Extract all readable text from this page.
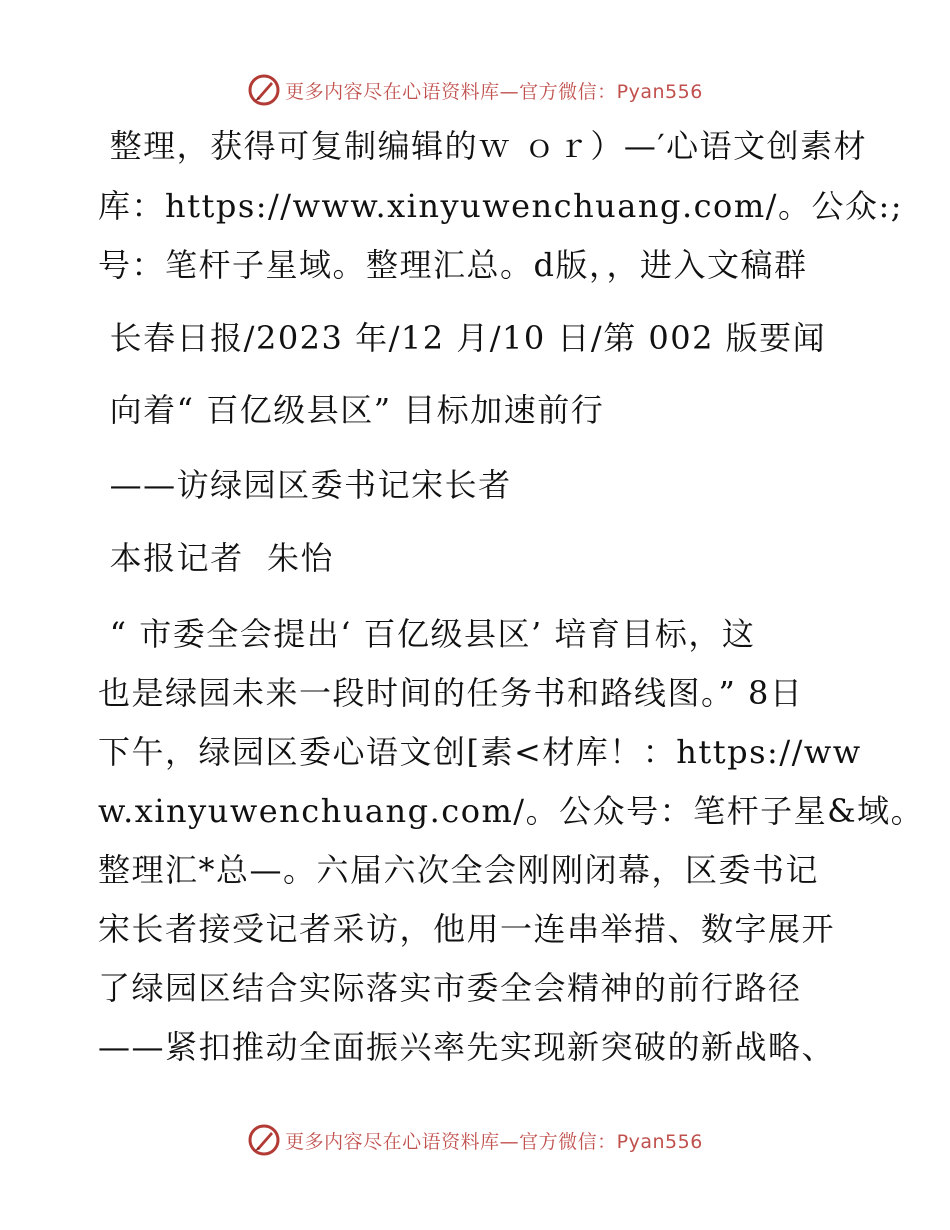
更多内容尽在心语资料库—官方微信：Pyan556
整理，获得可复制编辑的ｗ ｏｒ）—′心语文创素材
库：https://www.xinyuwenchuang.com/。公众:;
号：笔杆子星域。整理汇总。d版，，进入文稿群
长春日报/2023 年/12 月/10 日/第 002 版要闻
向着“ 百亿级县区” 目标加速前行
——访绿园区委书记宋长者
本报记者  朱怡
“ 市委全会提出‘ 百亿级县区’ 培育目标，这
也是绿园未来一段时间的任务书和路线图。” 8日
下午，绿园区委心语文创[素<材库！：https://ww
w.xinyuwenchuang.com/。公众号：笔杆子星&域。
整理汇*总—。六届六次全会刚刚闭幕，区委书记
宋长者接受记者采访，他用一连串举措、数字展开
了绿园区结合实际落实市委全会精神的前行路径
——紧扣推动全面振兴率先实现新突破的新战略、
更多内容尽在心语资料库—官方微信：Pyan556
